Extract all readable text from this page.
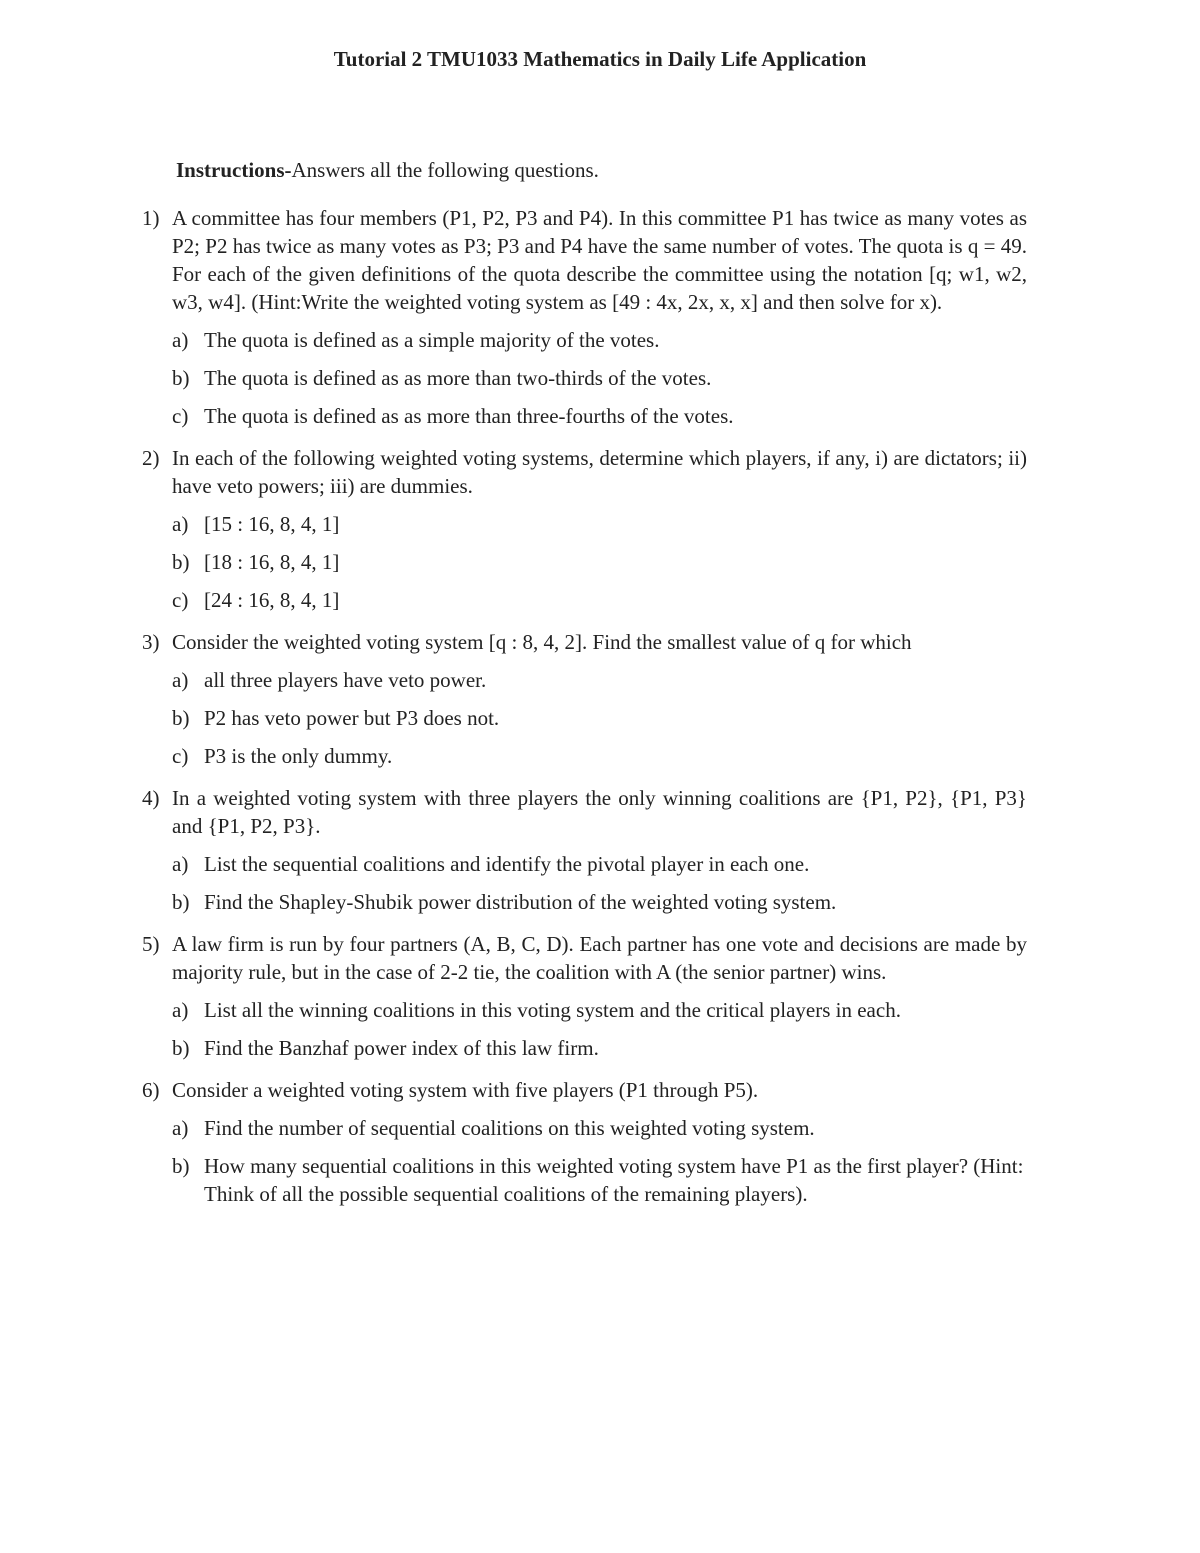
Tutorial 2 TMU1033 Mathematics in Daily Life Application
Instructions-Answers all the following questions.
1) A committee has four members (P1, P2, P3 and P4). In this committee P1 has twice as many votes as P2; P2 has twice as many votes as P3; P3 and P4 have the same number of votes. The quota is q = 49. For each of the given definitions of the quota describe the committee using the notation [q; w1, w2, w3, w4]. (Hint:Write the weighted voting system as [49 : 4x, 2x, x, x] and then solve for x).
a) The quota is defined as a simple majority of the votes.
b) The quota is defined as as more than two-thirds of the votes.
c) The quota is defined as as more than three-fourths of the votes.
2) In each of the following weighted voting systems, determine which players, if any, i) are dictators; ii) have veto powers; iii) are dummies.
a) [15 : 16, 8, 4, 1]
b) [18 : 16, 8, 4, 1]
c) [24 : 16, 8, 4, 1]
3) Consider the weighted voting system [q : 8, 4, 2]. Find the smallest value of q for which
a) all three players have veto power.
b) P2 has veto power but P3 does not.
c) P3 is the only dummy.
4) In a weighted voting system with three players the only winning coalitions are {P1, P2}, {P1, P3} and {P1, P2, P3}.
a) List the sequential coalitions and identify the pivotal player in each one.
b) Find the Shapley-Shubik power distribution of the weighted voting system.
5) A law firm is run by four partners (A, B, C, D). Each partner has one vote and decisions are made by majority rule, but in the case of 2-2 tie, the coalition with A (the senior partner) wins.
a) List all the winning coalitions in this voting system and the critical players in each.
b) Find the Banzhaf power index of this law firm.
6) Consider a weighted voting system with five players (P1 through P5).
a) Find the number of sequential coalitions on this weighted voting system.
b) How many sequential coalitions in this weighted voting system have P1 as the first player? (Hint: Think of all the possible sequential coalitions of the remaining players).
